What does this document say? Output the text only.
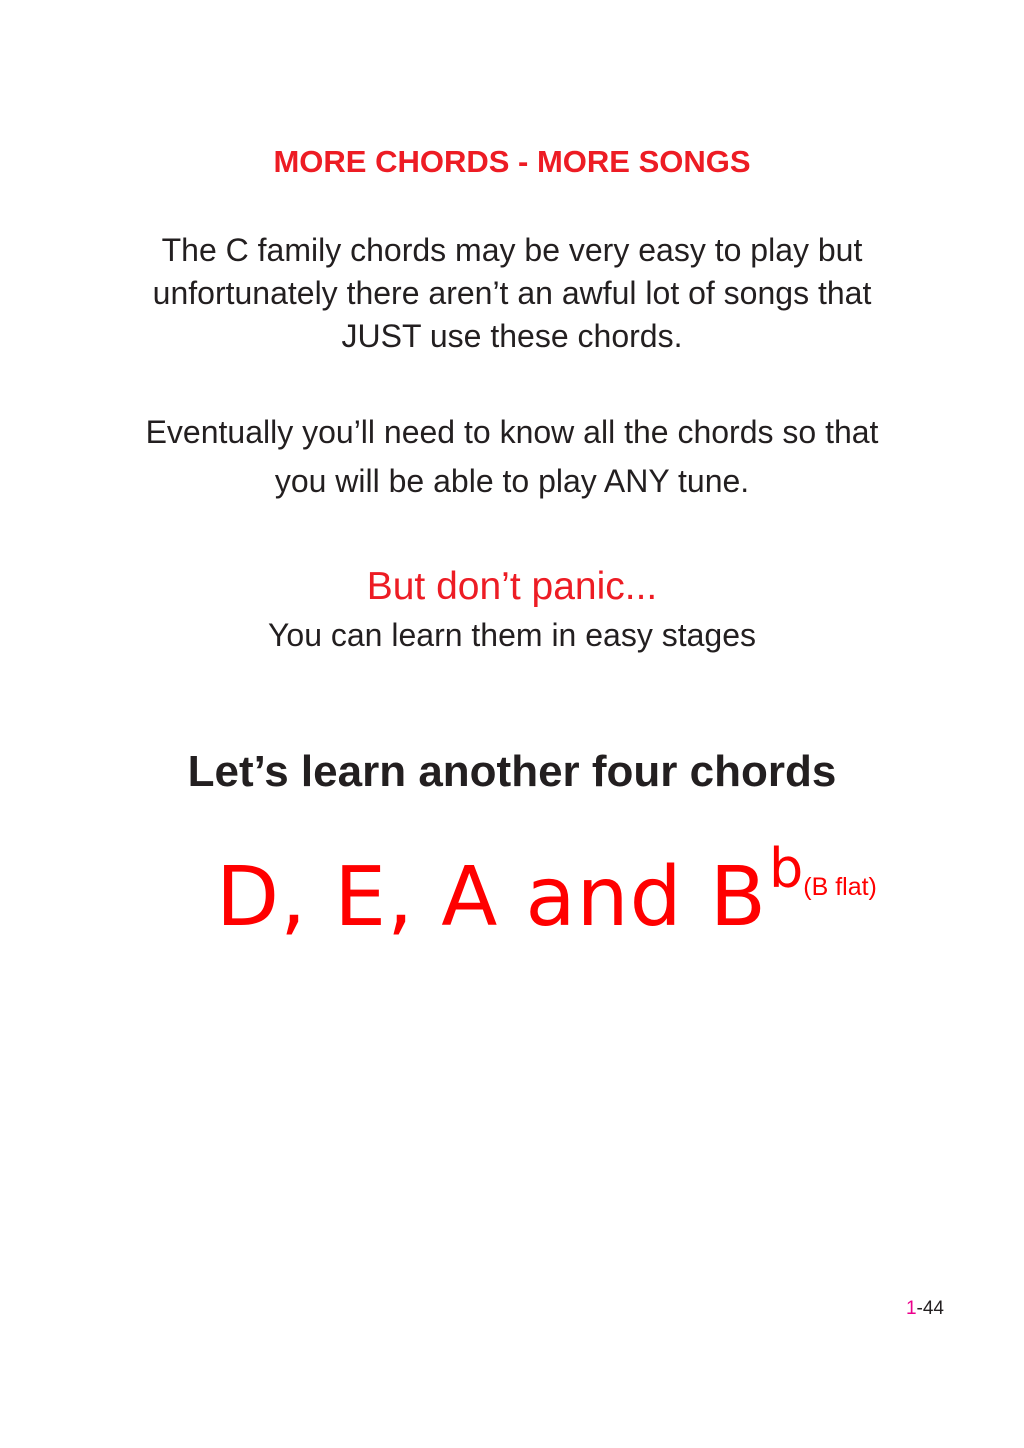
MORE CHORDS - MORE SONGS
The C family chords may be very easy to play but
unfortunately there aren’t an awful lot of songs that
JUST use these chords.
Eventually you’ll need to know all the chords so that
you will be able to play ANY tune.
But don’t panic...
You can learn them in easy stages
Let’s learn another four chords
D, E, A and Bb(B flat)
1-44
